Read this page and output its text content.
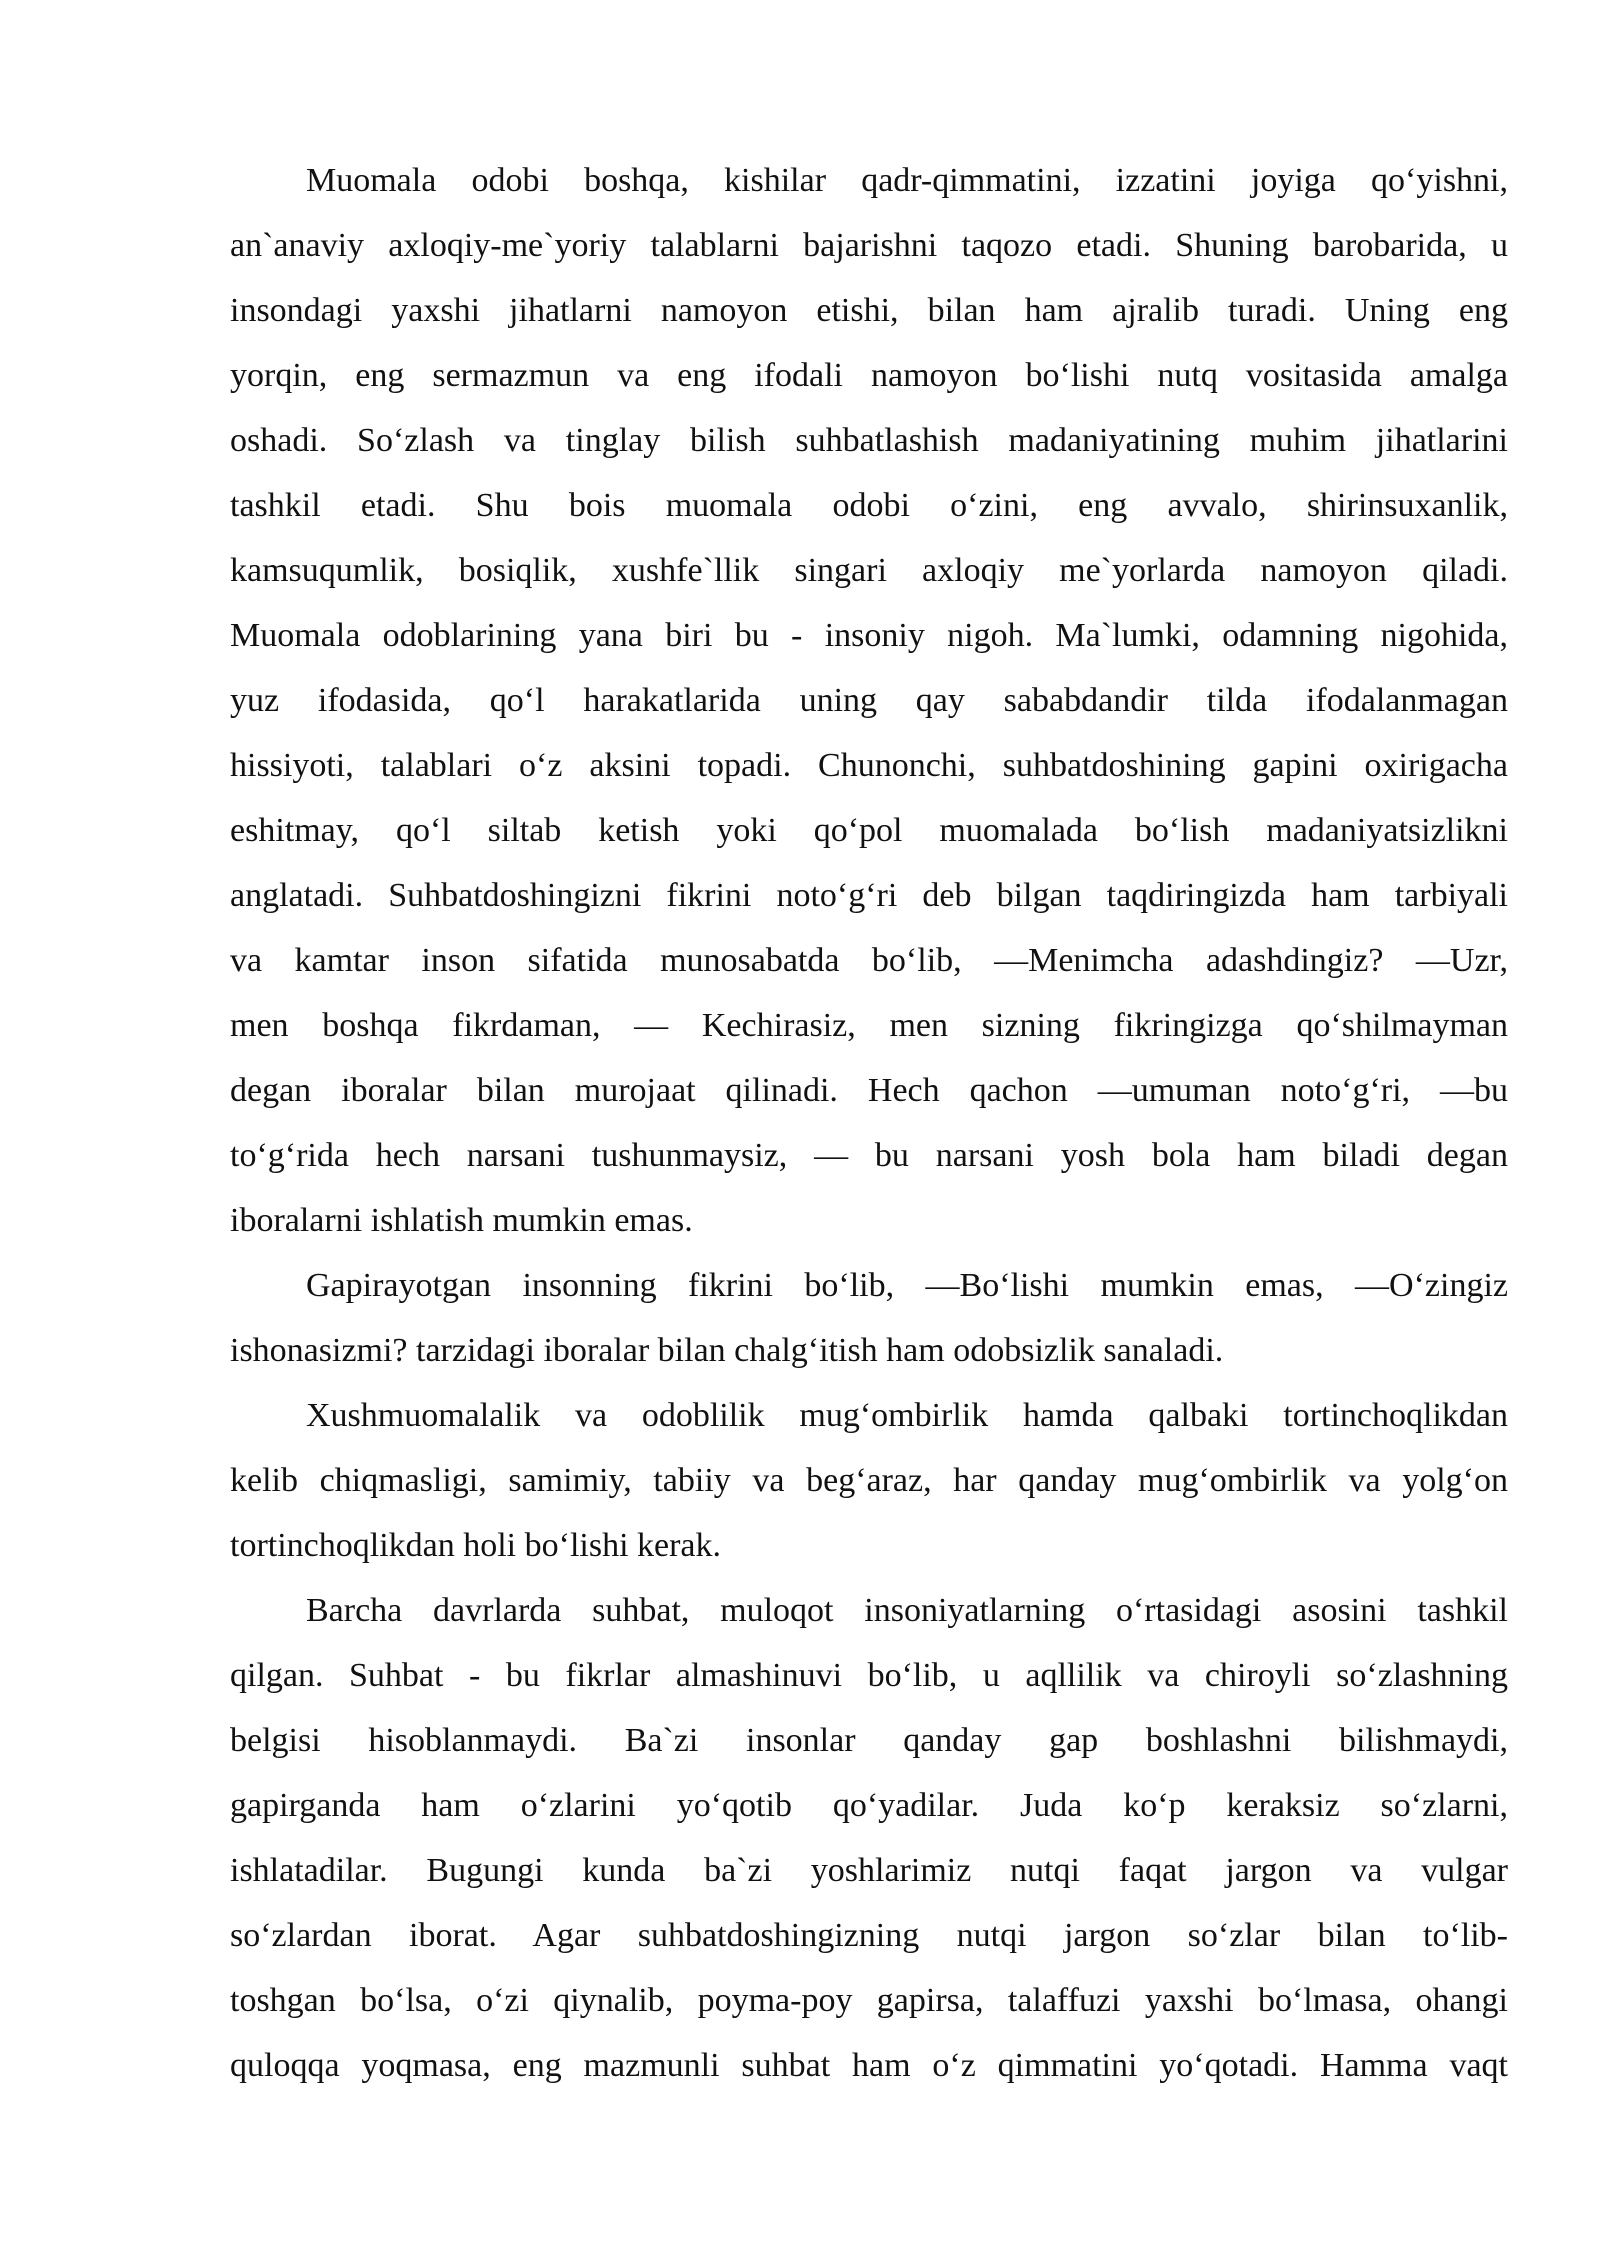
Muomala odobi boshqa, kishilar qadr-qimmatini, izzatini joyiga qo‘yishni,
an`anaviy axloqiy-me`yoriy talablarni bajarishni taqozo etadi. Shuning barobarida, u
insondagi yaxshi jihatlarni namoyon etishi, bilan ham ajralib turadi. Uning eng
yorqin, eng sermazmun va eng ifodali namoyon bo‘lishi nutq vositasida amalga
oshadi. So‘zlash va tinglay bilish suhbatlashish madaniyatining muhim jihatlarini
tashkil etadi. Shu bois muomala odobi o‘zini, eng avvalo, shirinsuxanlik,
kamsuqumlik, bosiqlik, xushfe`llik singari axloqiy me`yorlarda namoyon qiladi.
Muomala odoblarining yana biri bu - insoniy nigoh. Ma`lumki, odamning nigohida,
yuz ifodasida, qo‘l harakatlarida uning qay sababdandir tilda ifodalanmagan
hissiyoti, talablari o‘z aksini topadi. Chunonchi, suhbatdoshining gapini oxirigacha
eshitmay, qo‘l siltab ketish yoki qo‘pol muomalada bo‘lish madaniyatsizlikni
anglatadi. Suhbatdoshingizni fikrini noto‘g‘ri deb bilgan taqdiringizda ham tarbiyali
va kamtar inson sifatida munosabatda bo‘lib, ―Menimcha adashdingiz? ―Uzr,
men boshqa fikrdaman, ― Kechirasiz, men sizning fikringizga qo‘shilmayman
degan iboralar bilan murojaat qilinadi. Hech qachon ―umuman noto‘g‘ri, ―bu
to‘g‘rida hech narsani tushunmaysiz, ― bu narsani yosh bola ham biladi degan
iboralarni ishlatish mumkin emas.
Gapirayotgan insonning fikrini bo‘lib, ―Bo‘lishi mumkin emas, ―O‘zingiz
ishonasizmi? tarzidagi iboralar bilan chalg‘itish ham odobsizlik sanaladi.
Xushmuomalalik va odoblilik mug‘ombirlik hamda qalbaki tortinchoqlikdan
kelib chiqmasligi, samimiy, tabiiy va beg‘araz, har qanday mug‘ombirlik va yolg‘on
tortinchoqlikdan holi bo‘lishi kerak.
Barcha davrlarda suhbat, muloqot insoniyatlarning o‘rtasidagi asosini tashkil
qilgan. Suhbat - bu fikrlar almashinuvi bo‘lib, u aqllilik va chiroyli so‘zlashning
belgisi hisoblanmaydi. Ba`zi insonlar qanday gap boshlashni bilishmaydi,
gapirganda ham o‘zlarini yo‘qotib qo‘yadilar. Juda ko‘p keraksiz so‘zlarni,
ishlatadilar. Bugungi kunda ba`zi yoshlarimiz nutqi faqat jargon va vulgar
so‘zlardan iborat. Agar suhbatdoshingizning nutqi jargon so‘zlar bilan to‘lib-
toshgan bo‘lsa, o‘zi qiynalib, poyma-poy gapirsa, talaffuzi yaxshi bo‘lmasa, ohangi
quloqqa yoqmasa, eng mazmunli suhbat ham o‘z qimmatini yo‘qotadi. Hamma vaqt
